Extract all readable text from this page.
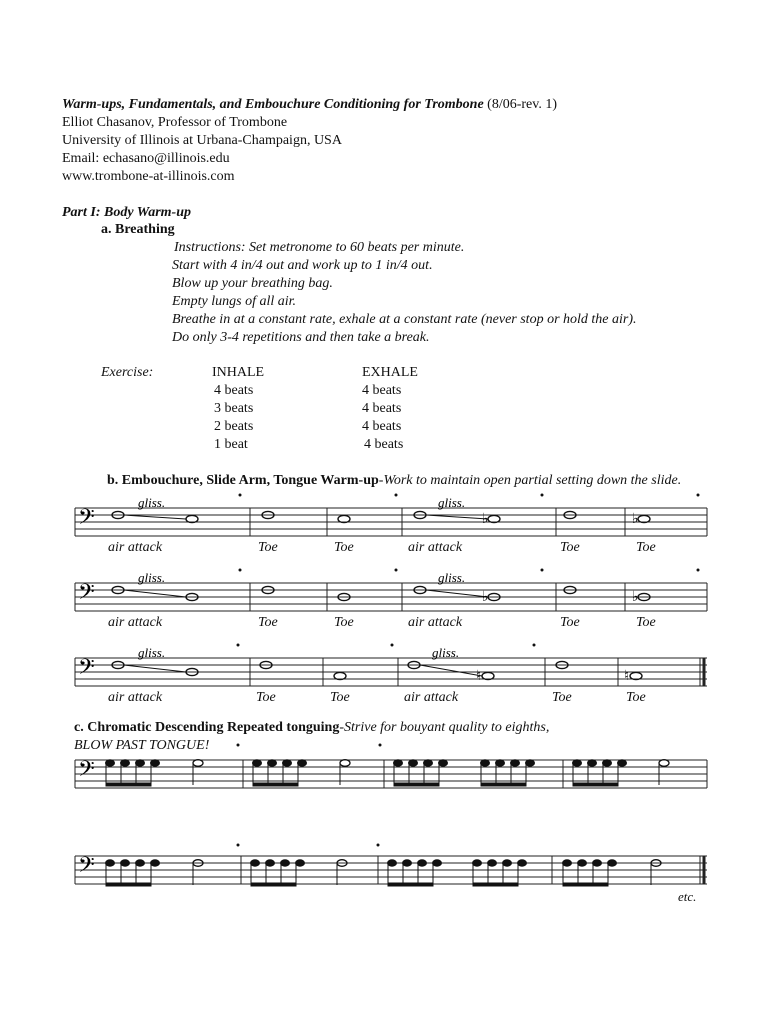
Warm-ups, Fundamentals, and Embouchure Conditioning for Trombone (8/06-rev. 1)
Elliot Chasanov, Professor of Trombone
University of Illinois at Urbana-Champaign, USA
Email: echasano@illinois.edu
www.trombone-at-illinois.com
Part I: Body Warm-up
a. Breathing
Instructions: Set metronome to 60 beats per minute.
Start with 4 in/4 out and work up to 1 in/4 out.
Blow up your breathing bag.
Empty lungs of all air.
Breathe in at a constant rate, exhale at a constant rate (never stop or hold the air).
Do only 3-4 repetitions and then take a break.
Exercise:	INHALE	EXHALE
4 beats	4 beats
3 beats	4 beats
2 beats	4 beats
1 beat	4 beats
b. Embouchure, Slide Arm, Tongue Warm-up-Work to maintain open partial setting down the slide.
𝄢
gliss.	gliss.
♭	♭
air attack	Toe	Toe	air attack	Toe	Toe
𝄢
gliss.	gliss.
♭	♭
air attack	Toe	Toe	air attack	Toe	Toe
𝄢
gliss.	gliss.
♮	♮
air attack	Toe	Toe	air attack	Toe	Toe
c. Chromatic Descending Repeated tonguing-Strive for bouyant quality to eighths,
BLOW PAST TONGUE!
𝄢
𝄢
etc.
